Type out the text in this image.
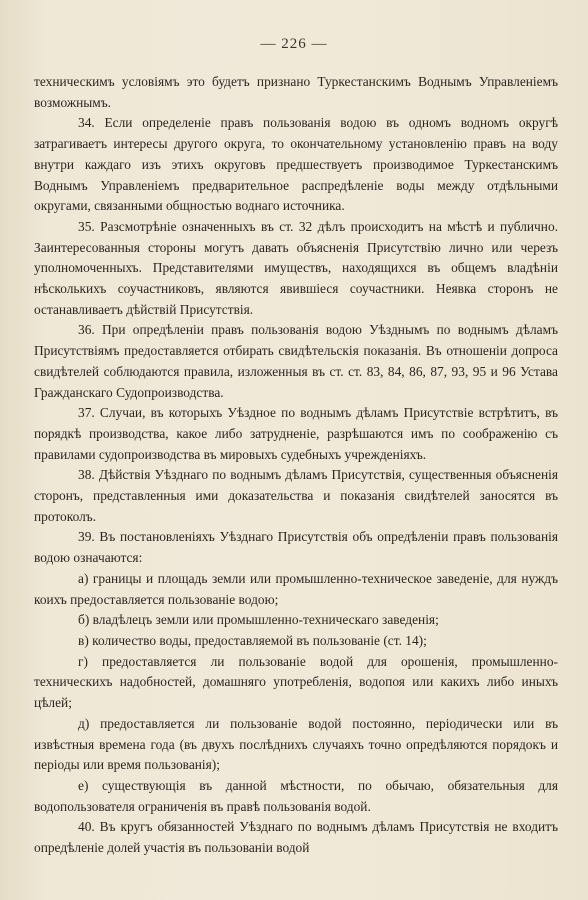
— 226 —

техническимъ условіямъ это будетъ признано Туркестанскимъ Воднымъ Управленіемъ возможнымъ.

34. Если определеніе правъ пользованія водою въ одномъ водномъ округѣ затрагиваетъ интересы другого округа, то окончательному установленію правъ на воду внутри каждаго изъ этихъ округовъ предшествуетъ производимое Туркестанскимъ Воднымъ Управленіемъ предварительное распредѣленіе воды между отдѣльными округами, связанными общностью воднаго источника.

35. Разсмотрѣніе означенныхъ въ ст. 32 дѣлъ происходитъ на мѣстѣ и публично. Заинтересованныя стороны могутъ давать объясненія Присутствію лично или черезъ уполномоченныхъ. Представителями имуществъ, находящихся въ общемъ владѣніи нѣсколькихъ соучастниковъ, являются явившіеся соучастники. Неявка сторонъ не останавливаетъ дѣйствій Присутствія.

36. При опредѣленіи правъ пользованія водою Уѣзднымъ по воднымъ дѣламъ Присутствіямъ предоставляется отбирать свидѣтельскія показанія. Въ отношеніи допроса свидѣтелей соблюдаются правила, изложенныя въ ст. ст. 83, 84, 86, 87, 93, 95 и 96 Устава Гражданскаго Судопроизводства.

37. Случаи, въ которыхъ Уѣздное по воднымъ дѣламъ Присутствіе встрѣтитъ, въ порядкѣ производства, какое либо затрудненіе, разрѣшаются имъ по соображенію съ правилами судопроизводства въ мировыхъ судебныхъ учрежденіяхъ.

38. Дѣйствія Уѣзднаго по воднымъ дѣламъ Присутствія, существенныя объясненія сторонъ, представленныя ими доказательства и показанія свидѣтелей заносятся въ протоколъ.

39. Въ постановленіяхъ Уѣзднаго Присутствія объ опредѣленіи правъ пользованія водою означаются:

а) границы и площадь земли или промышленно-техническое заведеніе, для нуждъ коихъ предоставляется пользованіе водою;

б) владѣлецъ земли или промышленно-техническаго заведенія;

в) количество воды, предоставляемой въ пользованіе (ст. 14);

г) предоставляется ли пользованіе водой для орошенія, промышленно-техническихъ надобностей, домашняго употребленія, водопоя или какихъ либо иныхъ цѣлей;

д) предоставляется ли пользованіе водой постоянно, періодически или въ извѣстныя времена года (въ двухъ послѣднихъ случаяхъ точно опредѣляются порядокъ и періоды или время пользованія);

е) существующія въ данной мѣстности, по обычаю, обязательныя для водопользователя ограниченія въ правѣ пользованія водой.

40. Въ кругъ обязанностей Уѣзднаго по воднымъ дѣламъ Присутствія не входитъ опредѣленіе долей участія въ пользованіи водой
